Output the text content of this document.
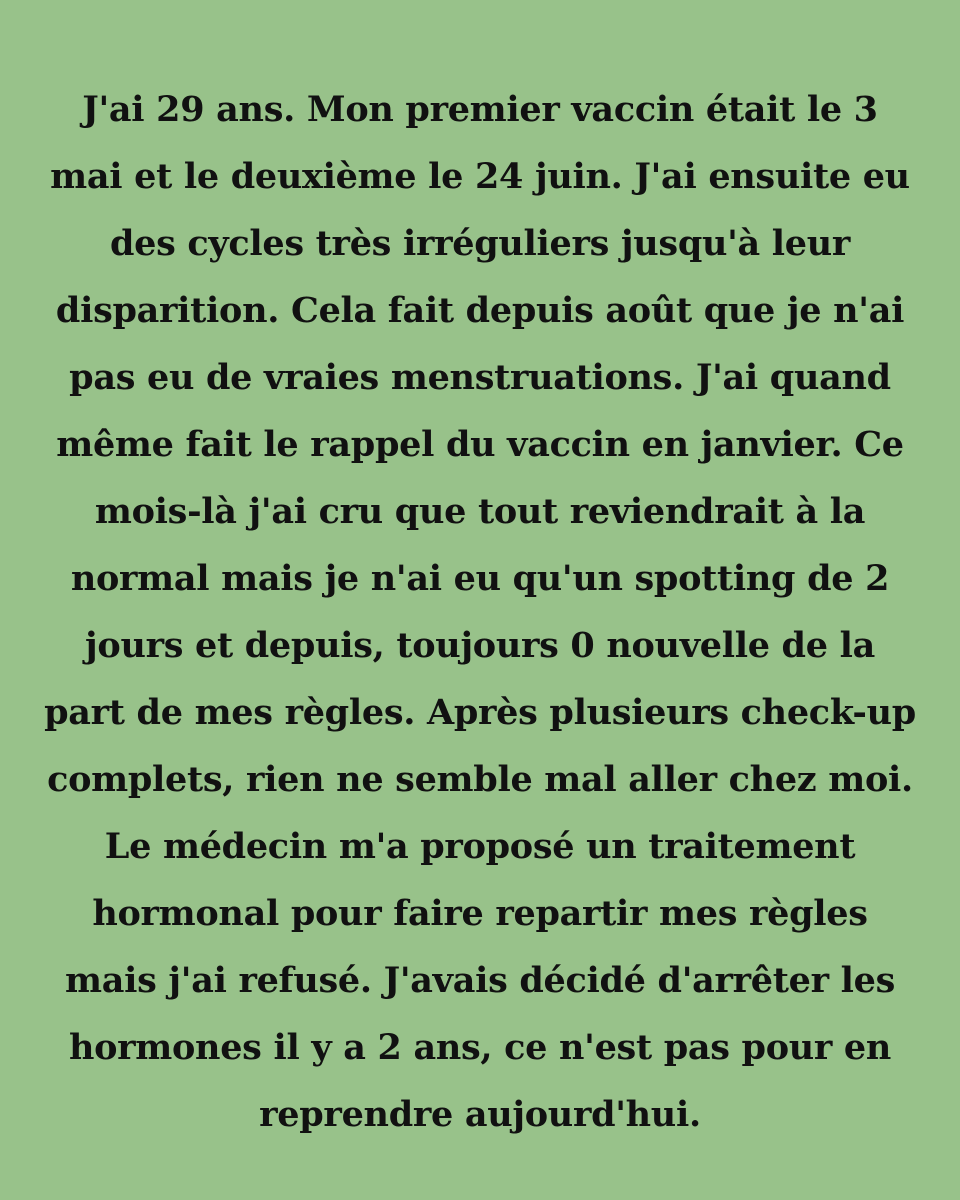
J'ai 29 ans. Mon premier vaccin était le 3
mai et le deuxième le 24 juin. J'ai ensuite eu
des cycles très irréguliers jusqu'à leur
disparition. Cela fait depuis août que je n'ai
pas eu de vraies menstruations. J'ai quand
même fait le rappel du vaccin en janvier. Ce
mois-là j'ai cru que tout reviendrait à la
normal mais je n'ai eu qu'un spotting de 2
jours et depuis, toujours 0 nouvelle de la
part de mes règles. Après plusieurs check-up
complets, rien ne semble mal aller chez moi.
Le médecin m'a proposé un traitement
hormonal pour faire repartir mes règles
mais j'ai refusé. J'avais décidé d'arrêter les
hormones il y a 2 ans, ce n'est pas pour en
reprendre aujourd'hui.
